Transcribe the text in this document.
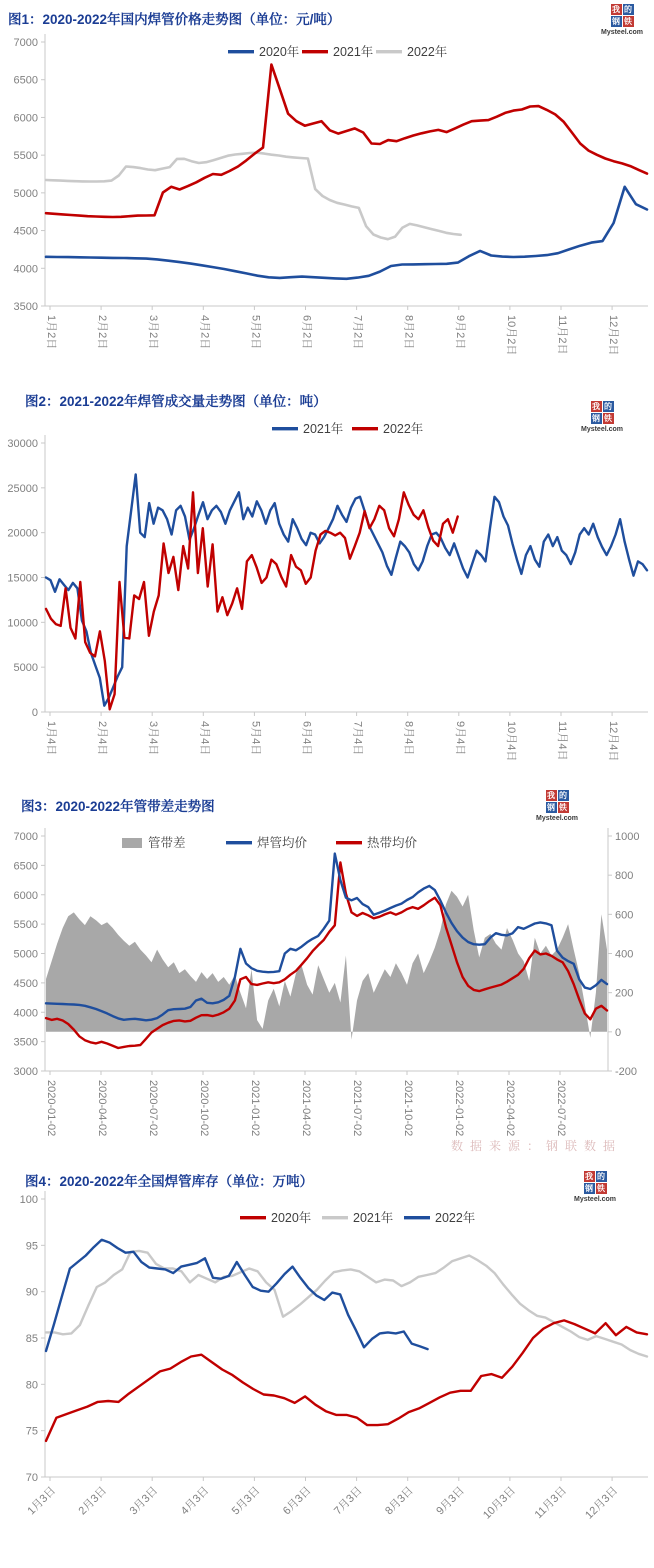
图1：2020-2022年国内焊管价格走势图（单位：元/吨）
我 的
钢 铁
Mysteel.com
7000
6500
6000
5500
5000
4500
4000
3500
1月2日	2月2日	3月2日	4月2日	5月2日	6月2日	7月2日	8月2日	9月2日	10月2日	11月2日	12月2日
2020年	2021年	2022年
图2：2021-2022年焊管成交量走势图（单位：吨）	我 的
钢 铁
Mysteel.com
30000
25000
20000
15000
10000
5000
0
1月4日	2月4日	3月4日	4月4日	5月4日	6月4日	7月4日	8月4日	9月4日	10月4日	11月4日	12月4日
2021年	2022年
图3：2020-2022年管带差走势图
我 的
钢 铁
Mysteel.com
7000
6500
6000
5500
5000
4500
4000
3500
3000
1000
800
600
400
200
0
-200
2020-01-02	2020-04-02	2020-07-02	2020-10-02	2021-01-02	2021-04-02	2021-07-02	2021-10-02	2022-01-02	2022-04-02	2022-07-02
管带差	焊管均价	热带均价
数据来源：钢联数据
图4：2020-2022年全国焊管库存（单位：万吨）	我 的
钢 铁
Mysteel.com
100
95
90
85
80
75
70
1月3日 2月3日 3月3日 4月3日 5月3日 6月3日 7月3日 8月3日 9月3日 10月3日 11月3日 12月3日
2020年	2021年	2022年
